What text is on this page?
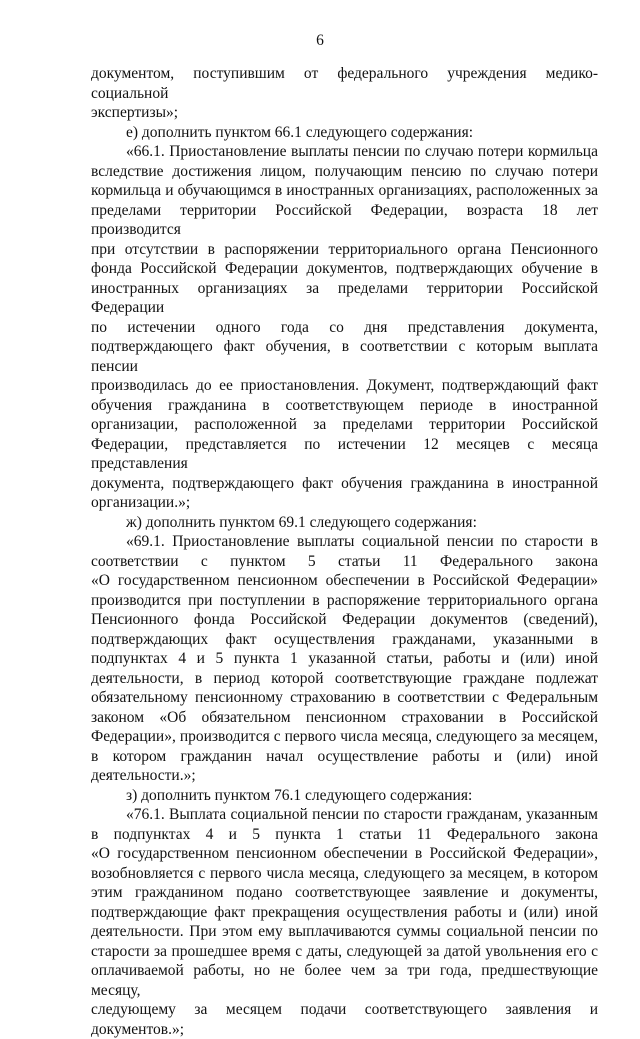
6
документом, поступившим от федерального учреждения медико-социальной
экспертизы»;
е) дополнить пунктом 66.1 следующего содержания:
«66.1. Приостановление выплаты пенсии по случаю потери кормильца
вследствие достижения лицом, получающим пенсию по случаю потери
кормильца и обучающимся в иностранных организациях, расположенных за
пределами территории Российской Федерации, возраста 18 лет производится
при отсутствии в распоряжении территориального органа Пенсионного
фонда Российской Федерации документов, подтверждающих обучение в
иностранных организациях за пределами территории Российской Федерации
по истечении одного года со дня представления документа,
подтверждающего факт обучения, в соответствии с которым выплата пенсии
производилась до ее приостановления. Документ, подтверждающий факт
обучения гражданина в соответствующем периоде в иностранной
организации, расположенной за пределами территории Российской
Федерации, представляется по истечении 12 месяцев с месяца представления
документа, подтверждающего факт обучения гражданина в иностранной
организации.»;
ж) дополнить пунктом 69.1 следующего содержания:
«69.1. Приостановление выплаты социальной пенсии по старости в
соответствии с пунктом 5 статьи 11 Федерального закона
«О государственном пенсионном обеспечении в Российской Федерации»
производится при поступлении в распоряжение территориального органа
Пенсионного фонда Российской Федерации документов (сведений),
подтверждающих факт осуществления гражданами, указанными в
подпунктах 4 и 5 пункта 1 указанной статьи, работы и (или) иной
деятельности, в период которой соответствующие граждане подлежат
обязательному пенсионному страхованию в соответствии с Федеральным
законом «Об обязательном пенсионном страховании в Российской
Федерации», производится с первого числа месяца, следующего за месяцем,
в котором гражданин начал осуществление работы и (или) иной
деятельности.»;
з) дополнить пунктом 76.1 следующего содержания:
«76.1. Выплата социальной пенсии по старости гражданам, указанным
в подпунктах 4 и 5 пункта 1 статьи 11 Федерального закона
«О государственном пенсионном обеспечении в Российской Федерации»,
возобновляется с первого числа месяца, следующего за месяцем, в котором
этим гражданином подано соответствующее заявление и документы,
подтверждающие факт прекращения осуществления работы и (или) иной
деятельности. При этом ему выплачиваются суммы социальной пенсии по
старости за прошедшее время с даты, следующей за датой увольнения его с
оплачиваемой работы, но не более чем за три года, предшествующие месяцу,
следующему за месяцем подачи соответствующего заявления и
документов.»;
